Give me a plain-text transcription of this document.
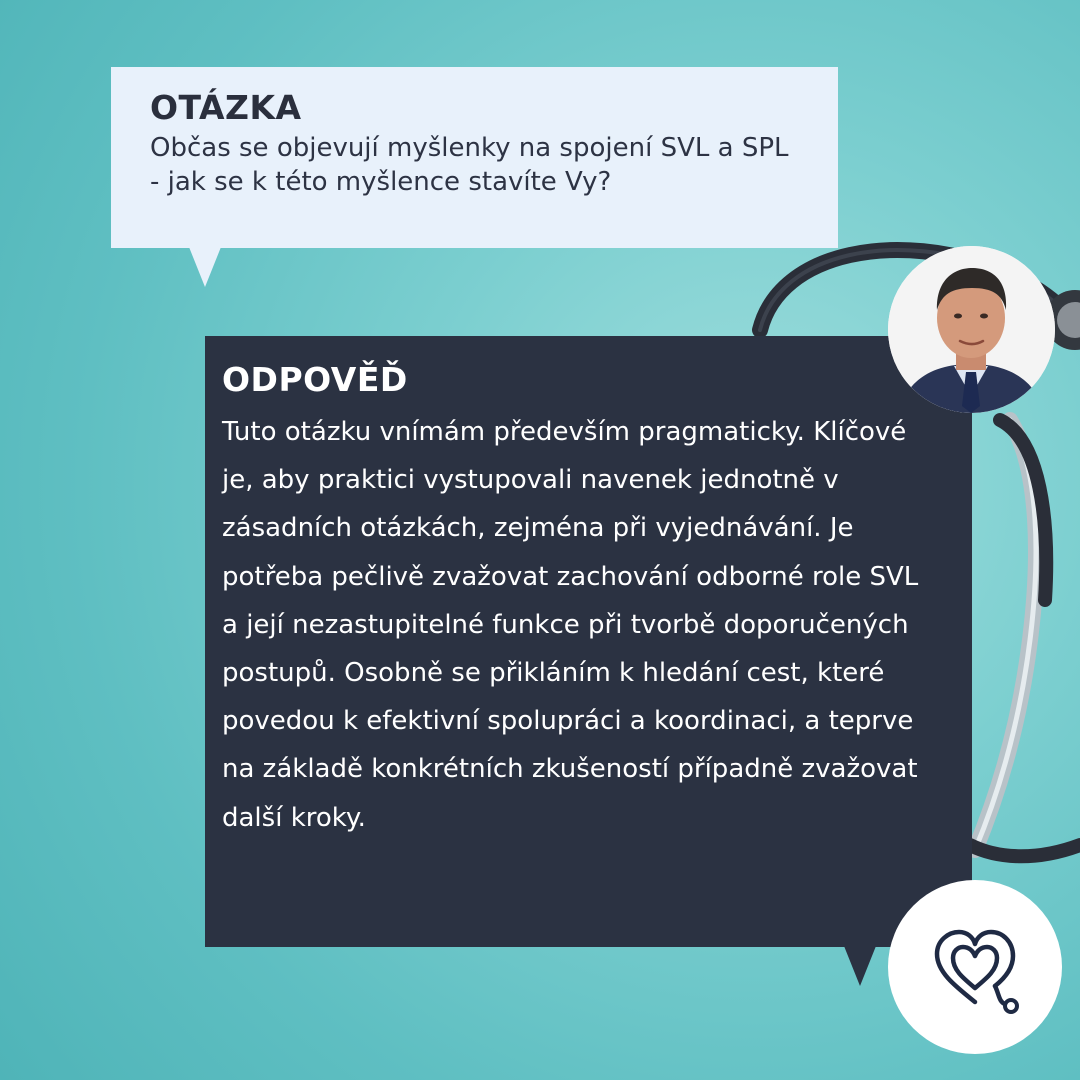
OTÁZKA
Občas se objevují myšlenky na spojení SVL a SPL - jak se k této myšlence stavíte Vy?
ODPOVĚĎ
Tuto otázku vnímám především pragmaticky. Klíčové je, aby praktici vystupovali navenek jednotně v zásadních otázkách, zejména při vyjednávání. Je potřeba pečlivě zvažovat zachování odborné role SVL a její nezastupitelné funkce při tvorbě doporučených postupů. Osobně se přikláním k hledání cest, které povedou k efektivní spolupráci a koordinaci, a teprve na základě konkrétních zkušeností případně zvažovat další kroky.
